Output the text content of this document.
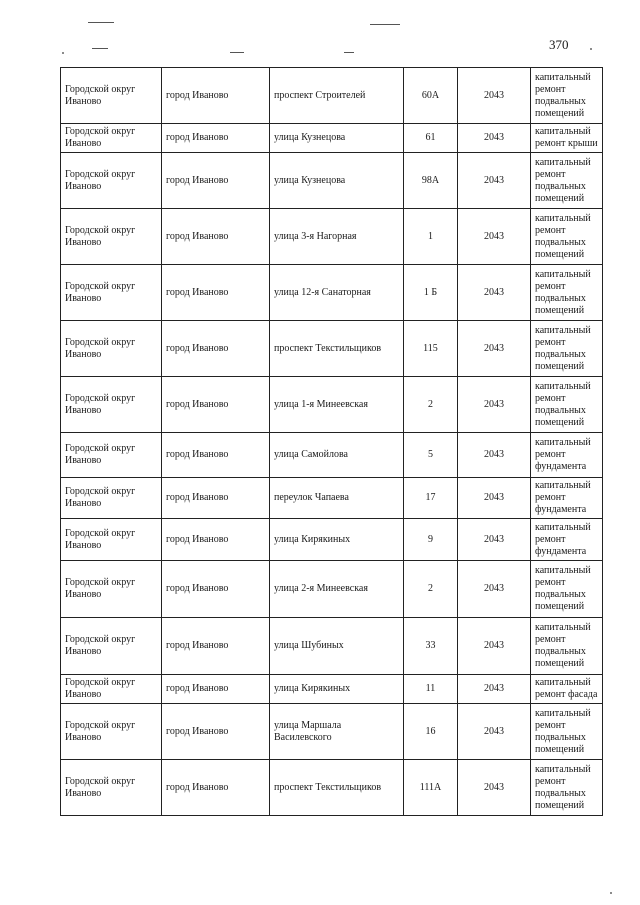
370
Городской округ Иваново	город Иваново	проспект Строителей	60А	2043	капитальный ремонт подвальных помещений
Городской округ Иваново	город Иваново	улица Кузнецова	61	2043	капитальный ремонт крыши
Городской округ Иваново	город Иваново	улица Кузнецова	98А	2043	капитальный ремонт подвальных помещений
Городской округ Иваново	город Иваново	улица 3-я Нагорная	1	2043	капитальный ремонт подвальных помещений
Городской округ Иваново	город Иваново	улица 12-я Санаторная	1 Б	2043	капитальный ремонт подвальных помещений
Городской округ Иваново	город Иваново	проспект Текстильщиков	115	2043	капитальный ремонт подвальных помещений
Городской округ Иваново	город Иваново	улица 1-я Минеевская	2	2043	капитальный ремонт подвальных помещений
Городской округ Иваново	город Иваново	улица Самойлова	5	2043	капитальный ремонт фундамента
Городской округ Иваново	город Иваново	переулок Чапаева	17	2043	капитальный ремонт фундамента
Городской округ Иваново	город Иваново	улица Кирякиных	9	2043	капитальный ремонт фундамента
Городской округ Иваново	город Иваново	улица 2-я Минеевская	2	2043	капитальный ремонт подвальных помещений
Городской округ Иваново	город Иваново	улица Шубиных	33	2043	капитальный ремонт подвальных помещений
Городской округ Иваново	город Иваново	улица Кирякиных	11	2043	капитальный ремонт фасада
Городской округ Иваново	город Иваново	улица Маршала Василевского	16	2043	капитальный ремонт подвальных помещений
Городской округ Иваново	город Иваново	проспект Текстильщиков	111А	2043	капитальный ремонт подвальных помещений
